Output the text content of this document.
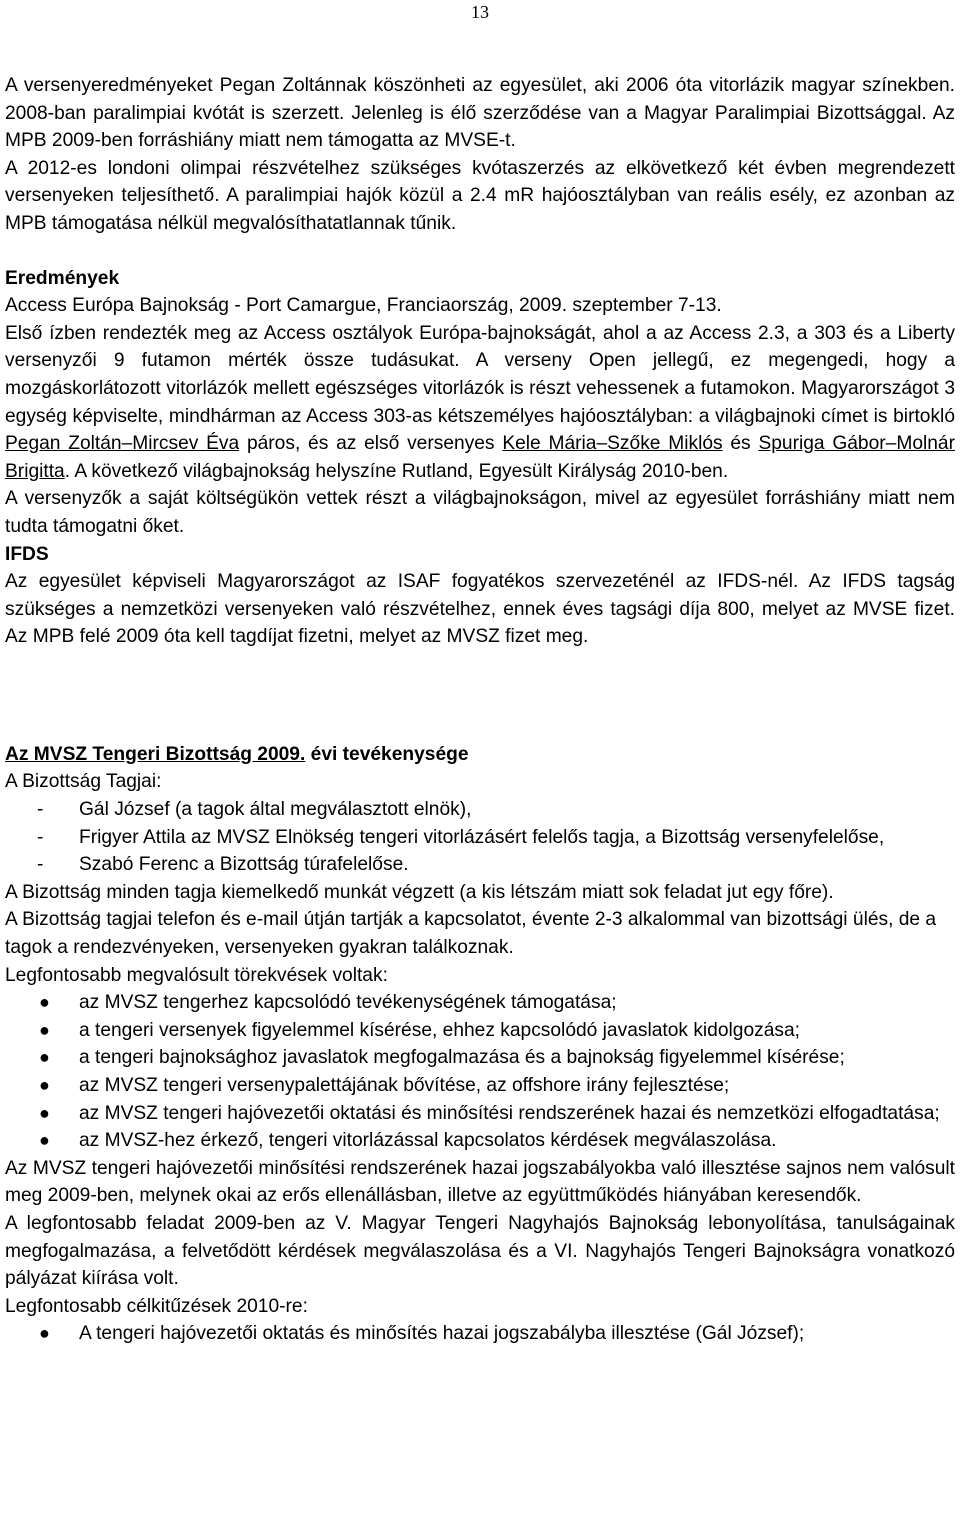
13

A versenyeredményeket Pegan Zoltánnak köszönheti az egyesület, aki 2006 óta vitorlázik magyar színekben. 2008-ban paralimpiai kvótát is szerzett. Jelenleg is élő szerződése van a Magyar Paralimpiai Bizottsággal. Az MPB 2009-ben forráshiány miatt nem támogatta az MVSE-t.

A 2012-es londoni olimpai részvételhez szükséges kvótaszerzés az elkövetkező két évben megrendezett versenyeken teljesíthető. A paralimpiai hajók közül a 2.4 mR hajóosztályban van reális esély, ez azonban az MPB támogatása nélkül megvalósíthatatlannak tűnik.

Eredmények

Access Európa Bajnokság - Port Camargue, Franciaország, 2009. szeptember 7-13.

Első ízben rendezték meg az Access osztályok Európa-bajnokságát, ahol a az Access 2.3, a 303 és a Liberty versenyzői 9 futamon mérték össze tudásukat. A verseny Open jellegű, ez megengedi, hogy a mozgáskorlátozott vitorlázók mellett egészséges vitorlázók is részt vehessenek a futamokon. Magyarországot 3 egység képviselte, mindhárman az Access 303-as kétszemélyes hajóosztályban: a világbajnoki címet is birtokló Pegan Zoltán–Mircsev Éva páros, és az első versenyes Kele Mária–Szőke Miklós és Spuriga Gábor–Molnár Brigitta. A következő világbajnokság helyszíne Rutland, Egyesült Királyság 2010-ben.

A versenyzők a saját költségükön vettek részt a világbajnokságon, mivel az egyesület forráshiány miatt nem tudta támogatni őket.

IFDS

Az egyesület képviseli Magyarországot az ISAF fogyatékos szervezeténél az IFDS-nél. Az IFDS tagság szükséges a nemzetközi versenyeken való részvételhez, ennek éves tagsági díja 800, melyet az MVSE fizet. Az MPB felé 2009 óta kell tagdíjat fizetni, melyet az MVSZ fizet meg.

Az MVSZ Tengeri Bizottság 2009. évi tevékenysége

A Bizottság Tagjai:

- Gál József (a tagok által megválasztott elnök),
- Frigyer Attila az MVSZ Elnökség tengeri vitorlázásért felelős tagja, a Bizottság versenyfelelőse,
- Szabó Ferenc a Bizottság túrafelelőse.

A Bizottság minden tagja kiemelkedő munkát végzett (a kis létszám miatt sok feladat jut egy főre).

A Bizottság tagjai telefon és e-mail útján tartják a kapcsolatot, évente 2-3 alkalommal van bizottsági ülés, de a tagok a rendezvényeken, versenyeken gyakran találkoznak.

Legfontosabb megvalósult törekvések voltak:

● az MVSZ tengerhez kapcsolódó tevékenységének támogatása;
● a tengeri versenyek figyelemmel kísérése, ehhez kapcsolódó javaslatok kidolgozása;
● a tengeri bajnoksághoz javaslatok megfogalmazása és a bajnokság figyelemmel kísérése;
● az MVSZ tengeri versenypalettájának bővítése, az offshore irány fejlesztése;
● az MVSZ tengeri hajóvezetői oktatási és minősítési rendszerének hazai és nemzetközi elfogadtatása;
● az MVSZ-hez érkező, tengeri vitorlázással kapcsolatos kérdések megválaszolása.

Az MVSZ tengeri hajóvezetői minősítési rendszerének hazai jogszabályokba való illesztése sajnos nem valósult meg 2009-ben, melynek okai az erős ellenállásban, illetve az együttműködés hiányában keresendők.

A legfontosabb feladat 2009-ben az V. Magyar Tengeri Nagyhajós Bajnokság lebonyolítása, tanulságainak megfogalmazása, a felvetődött kérdések megválaszolása és a VI. Nagyhajós Tengeri Bajnokságra vonatkozó pályázat kiírása volt.

Legfontosabb célkitűzések 2010-re:

● A tengeri hajóvezetői oktatás és minősítés hazai jogszabályba illesztése (Gál József);
